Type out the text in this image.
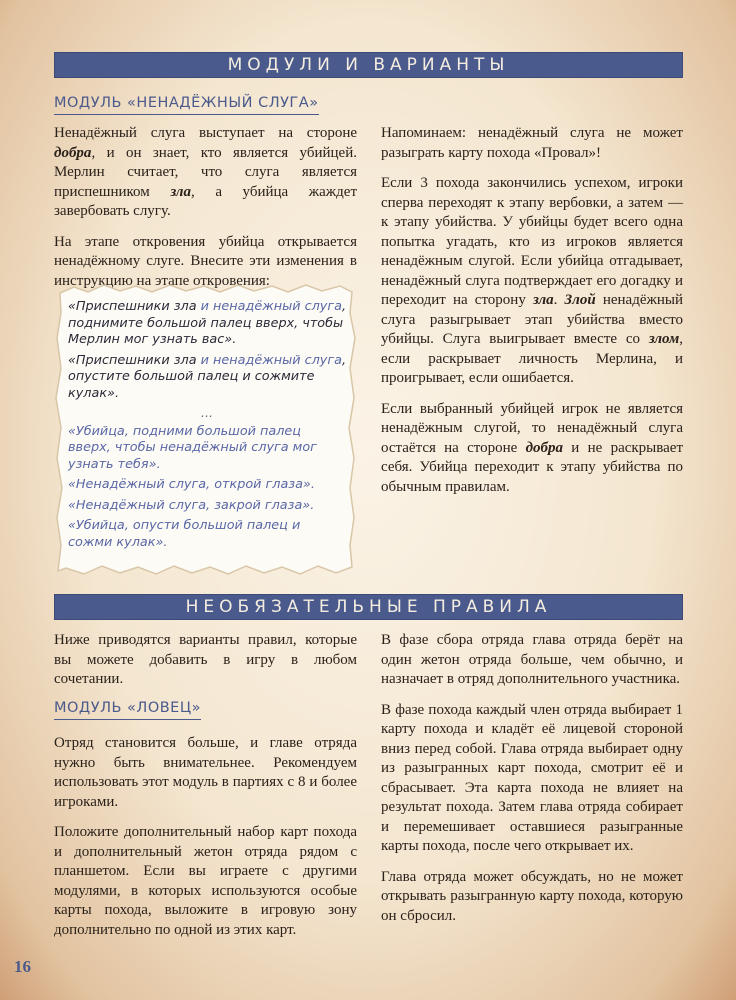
МОДУЛИ И ВАРИАНТЫ
МОДУЛЬ «НЕНАДЁЖНЫЙ СЛУГА»

Ненадёжный слуга выступает на стороне добра, и он знает, кто является убийцей. Мерлин считает, что слуга является приспешником зла, а убийца жаждет завербовать слугу.

На этапе откровения убийца открывается ненадёжному слуге. Внесите эти изменения в инструкцию на этапе откровения:

«Приспешники зла и ненадёжный слуга, поднимите большой палец вверх, чтобы Мерлин мог узнать вас».
«Приспешники зла и ненадёжный слуга, опустите большой палец и сожмите кулак».
...
«Убийца, подними большой палец вверх, чтобы ненадёжный слуга мог узнать тебя».
«Ненадёжный слуга, открой глаза».
«Ненадёжный слуга, закрой глаза».
«Убийца, опусти большой палец и сожми кулак».

Напоминаем: ненадёжный слуга не может разыграть карту похода «Провал»!

Если 3 похода закончились успехом, игроки сперва переходят к этапу вербовки, а затем — к этапу убийства. У убийцы будет всего одна попытка угадать, кто из игроков является ненадёжным слугой. Если убийца отгадывает, ненадёжный слуга подтверждает его догадку и переходит на сторону зла. Злой ненадёжный слуга разыгрывает этап убийства вместо убийцы. Слуга выигрывает вместе со злом, если раскрывает личность Мерлина, и проигрывает, если ошибается.

Если выбранный убийцей игрок не является ненадёжным слугой, то ненадёжный слуга остаётся на стороне добра и не раскрывает себя. Убийца переходит к этапу убийства по обычным правилам.

НЕОБЯЗАТЕЛЬНЫЕ ПРАВИЛА

Ниже приводятся варианты правил, которые вы можете добавить в игру в любом сочетании.

МОДУЛЬ «ЛОВЕЦ»

Отряд становится больше, и главе отряда нужно быть внимательнее. Рекомендуем использовать этот модуль в партиях с 8 и более игроками.

Положите дополнительный набор карт похода и дополнительный жетон отряда рядом с планшетом. Если вы играете с другими модулями, в которых используются особые карты похода, выложите в игровую зону дополнительно по одной из этих карт.

В фазе сбора отряда глава отряда берёт на один жетон отряда больше, чем обычно, и назначает в отряд дополнительного участника.

В фазе похода каждый член отряда выбирает 1 карту похода и кладёт её лицевой стороной вниз перед собой. Глава отряда выбирает одну из разыгранных карт похода, смотрит её и сбрасывает. Эта карта похода не влияет на результат похода. Затем глава отряда собирает и перемешивает оставшиеся разыгранные карты похода, после чего открывает их.

Глава отряда может обсуждать, но не может открывать разыгранную карту похода, которую он сбросил.

16
